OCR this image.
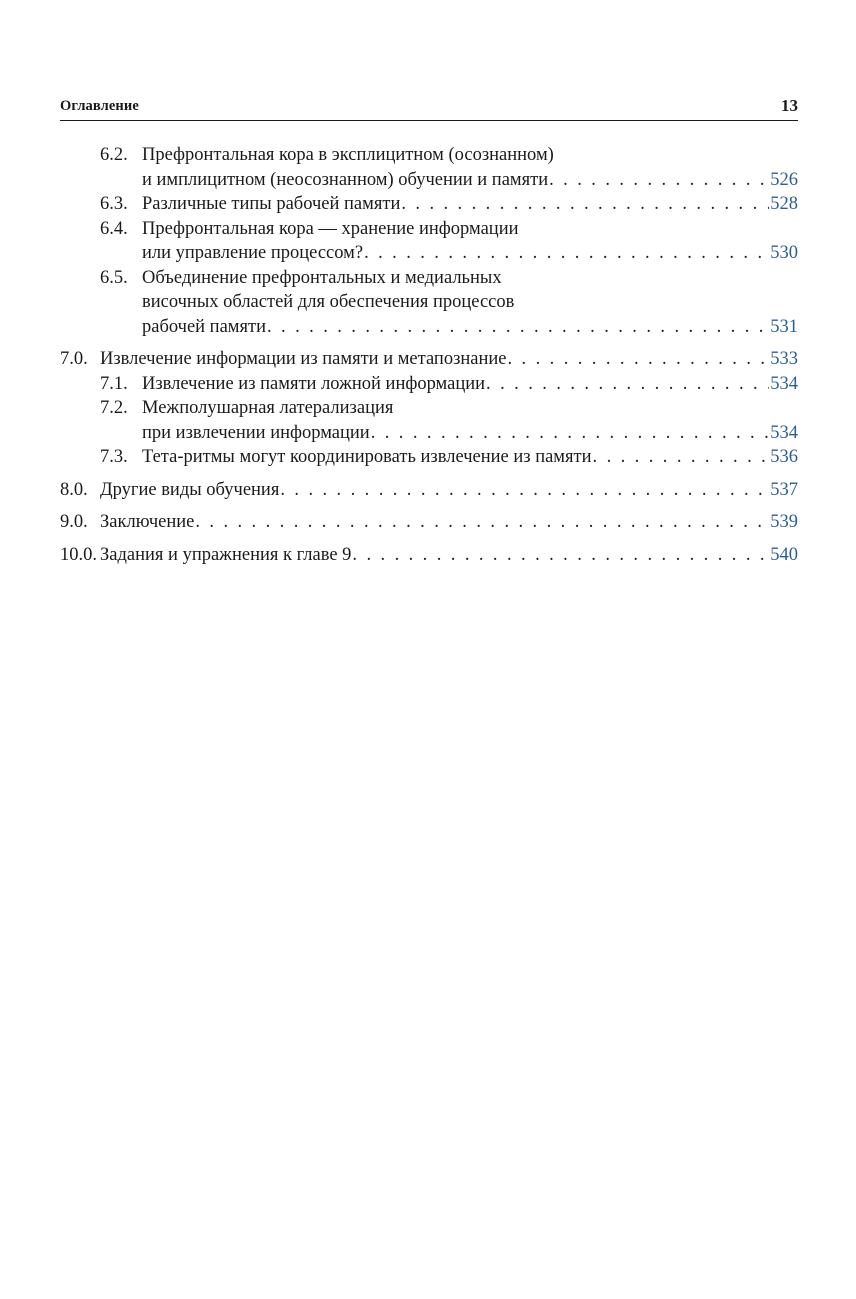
Оглавление	13
6.2. Префронтальная кора в эксплицитном (осознанном)
и имплицитном (неосознанном) обучении и памяти . . .	526
6.3. Различные типы рабочей памяти . . .	528
6.4. Префронтальная кора — хранение информации
или управление процессом? . . .	530
6.5. Объединение префронтальных и медиальных
височных областей для обеспечения процессов
рабочей памяти . . .	531
7.0. Извлечение информации из памяти и метапознание . . .	533
7.1. Извлечение из памяти ложной информации . . .	534
7.2. Межполушарная латерализация
при извлечении информации . . .	534
7.3. Тета-ритмы могут координировать извлечение из памяти . . .	536
8.0. Другие виды обучения . . .	537
9.0. Заключение . . .	539
10.0. Задания и упражнения к главе 9 . . .	540
